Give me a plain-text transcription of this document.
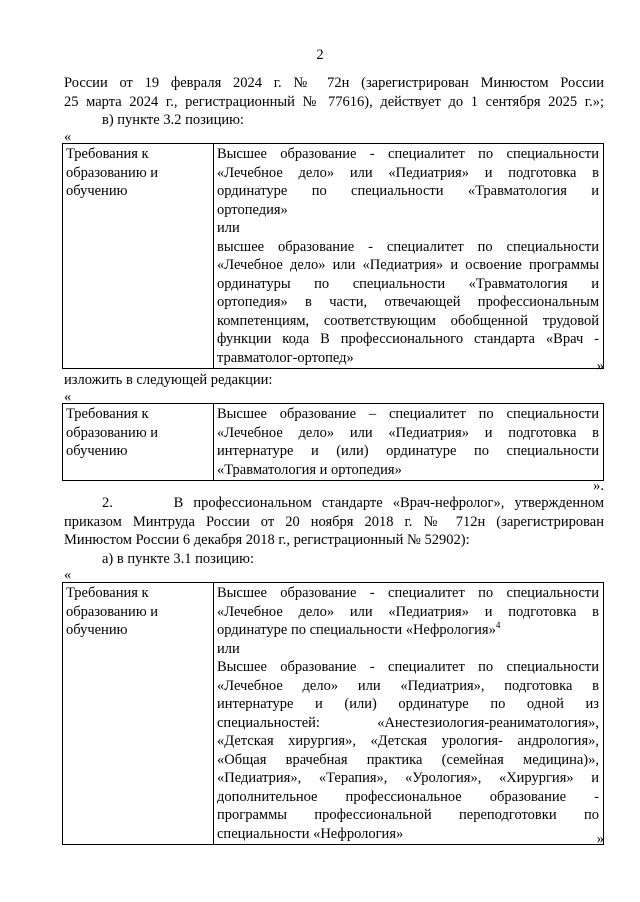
2
России от 19 февраля 2024 г. № 72н (зарегистрирован Минюстом России
25 марта 2024 г., регистрационный № 77616), действует до 1 сентября 2025 г.»;
в) пункте 3.2 позицию:
«
Требования к
образованию и
обучению

Высшее образование - специалитет по специальности
«Лечебное дело» или «Педиатрия» и подготовка в
ординатуре по специальности «Травматология и
ортопедия»
или
высшее образование - специалитет по специальности
«Лечебное дело» или «Педиатрия» и освоение программы
ординатуры по специальности «Травматология и
ортопедия» в части, отвечающей профессиональным
компетенциям, соответствующим обобщенной трудовой
функции кода В профессионального стандарта «Врач -
травматолог-ортопед»
»
изложить в следующей редакции:
«
Требования к
образованию и
обучению

Высшее образование – специалитет по специальности
«Лечебное дело» или «Педиатрия» и подготовка в
интернатуре и (или) ординатуре по специальности
«Травматология и ортопедия»
».
2.      В профессиональном стандарте «Врач-нефролог», утвержденном
приказом Минтруда России от 20 ноября 2018 г. № 712н (зарегистрирован
Минюстом России 6 декабря 2018 г., регистрационный № 52902):
а) в пункте 3.1 позицию:
«
Требования к
образованию и
обучению

Высшее образование - специалитет по специальности
«Лечебное дело» или «Педиатрия» и подготовка в
ординатуре по специальности «Нефрология»$^4$
или
Высшее образование - специалитет по специальности
«Лечебное дело» или «Педиатрия», подготовка в
интернатуре и (или) ординатуре по одной из
специальностей: «Анестезиология-реаниматология»,
«Детская хирургия», «Детская урология- андрология»,
«Общая врачебная практика (семейная медицина)»,
«Педиатрия», «Терапия», «Урология», «Хирургия» и
дополнительное профессиональное образование -
программы профессиональной переподготовки по
специальности «Нефрология»	»
